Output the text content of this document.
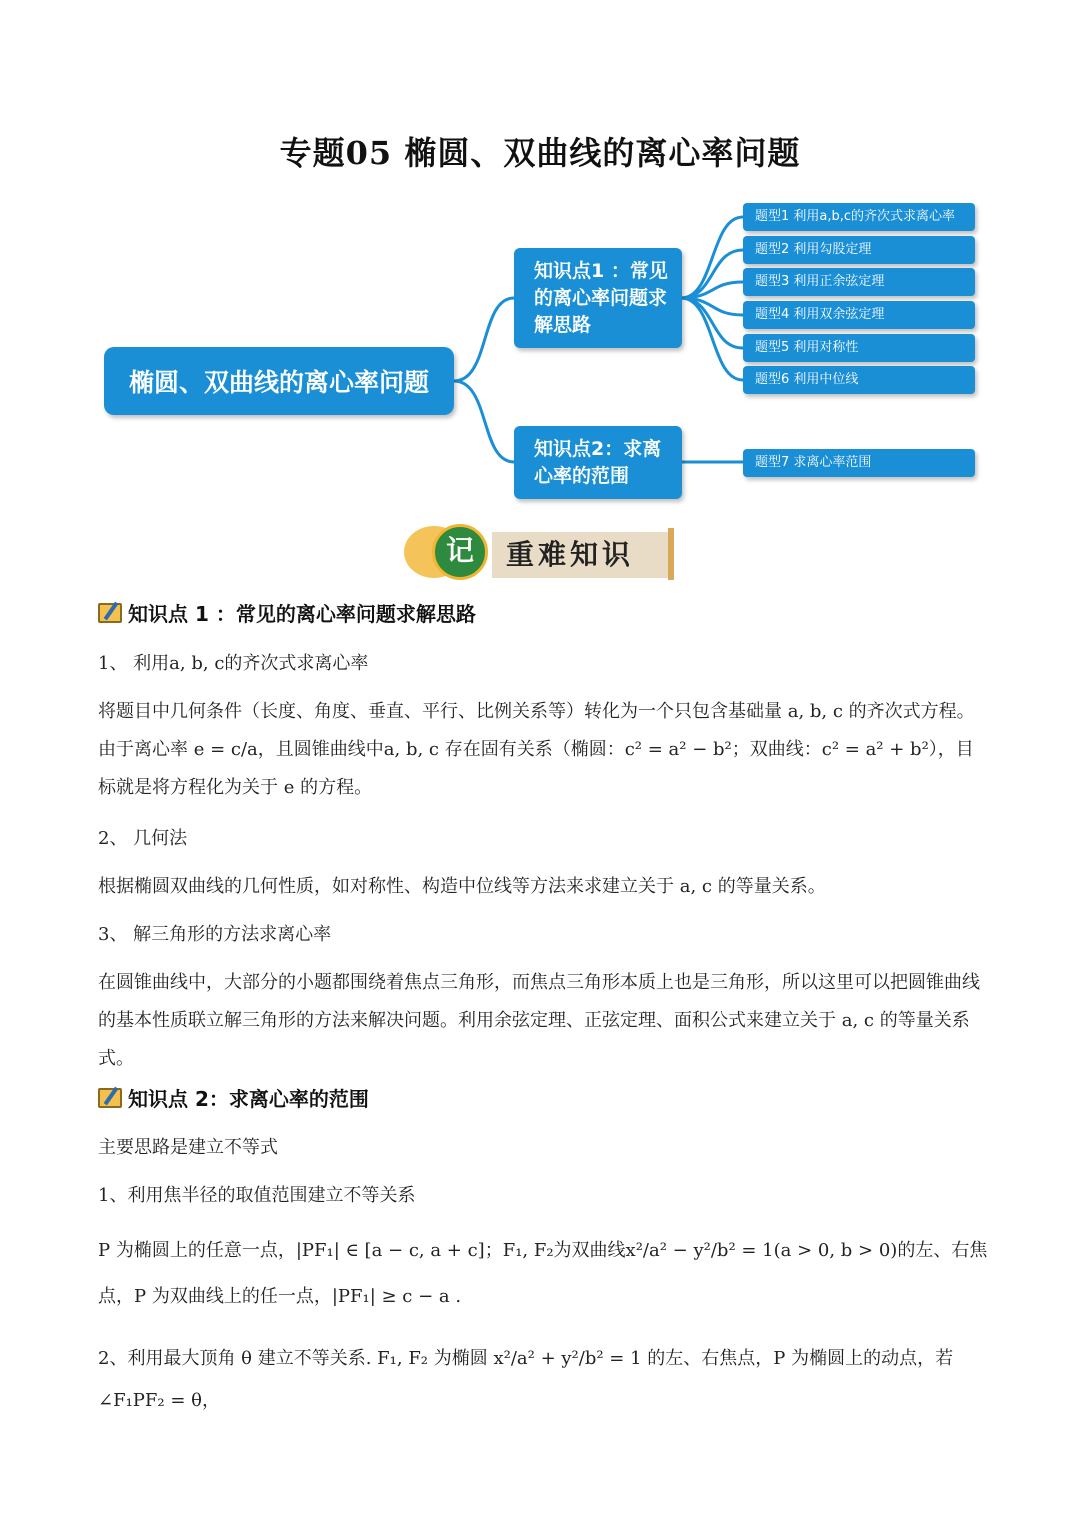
专题05 椭圆、双曲线的离心率问题
椭圆、双曲线的离心率问题
知识点1 ：常见的离心率问题求解思路
知识点2：求离心率的范围
题型1 利用a,b,c的齐次式求离心率
题型2 利用勾股定理
题型3 利用正余弦定理
题型4 利用双余弦定理
题型5 利用对称性
题型6 利用中位线
题型7 求离心率范围
记	重难知识
知识点 1 ：常见的离心率问题求解思路
1、 利用a, b, c的齐次式求离心率
将题目中几何条件（长度、角度、垂直、平行、比例关系等）转化为一个只包含基础量 a, b, c 的齐次式方程。由于离心率 e = c/a，且圆锥曲线中a, b, c 存在固有关系（椭圆：c² = a² − b²；双曲线：c² = a² + b²），目标就是将方程化为关于 e 的方程。
2、 几何法
根据椭圆双曲线的几何性质，如对称性、构造中位线等方法来求建立关于 a, c 的等量关系。
3、 解三角形的方法求离心率
在圆锥曲线中，大部分的小题都围绕着焦点三角形，而焦点三角形本质上也是三角形，所以这里可以把圆锥曲线的基本性质联立解三角形的方法来解决问题。利用余弦定理、正弦定理、面积公式来建立关于 a, c 的等量关系式。
知识点 2：求离心率的范围
主要思路是建立不等式
1、利用焦半径的取值范围建立不等关系
P 为椭圆上的任意一点，|PF₁| ∈ [a − c, a + c]；F₁, F₂为双曲线x²/a² − y²/b² = 1(a > 0, b > 0)的左、右焦点，P 为双曲线上的任一点，|PF₁| ≥ c − a .
2、利用最大顶角 θ 建立不等关系. F₁, F₂ 为椭圆 x²/a² + y²/b² = 1 的左、右焦点，P 为椭圆上的动点，若 ∠F₁PF₂ = θ，
